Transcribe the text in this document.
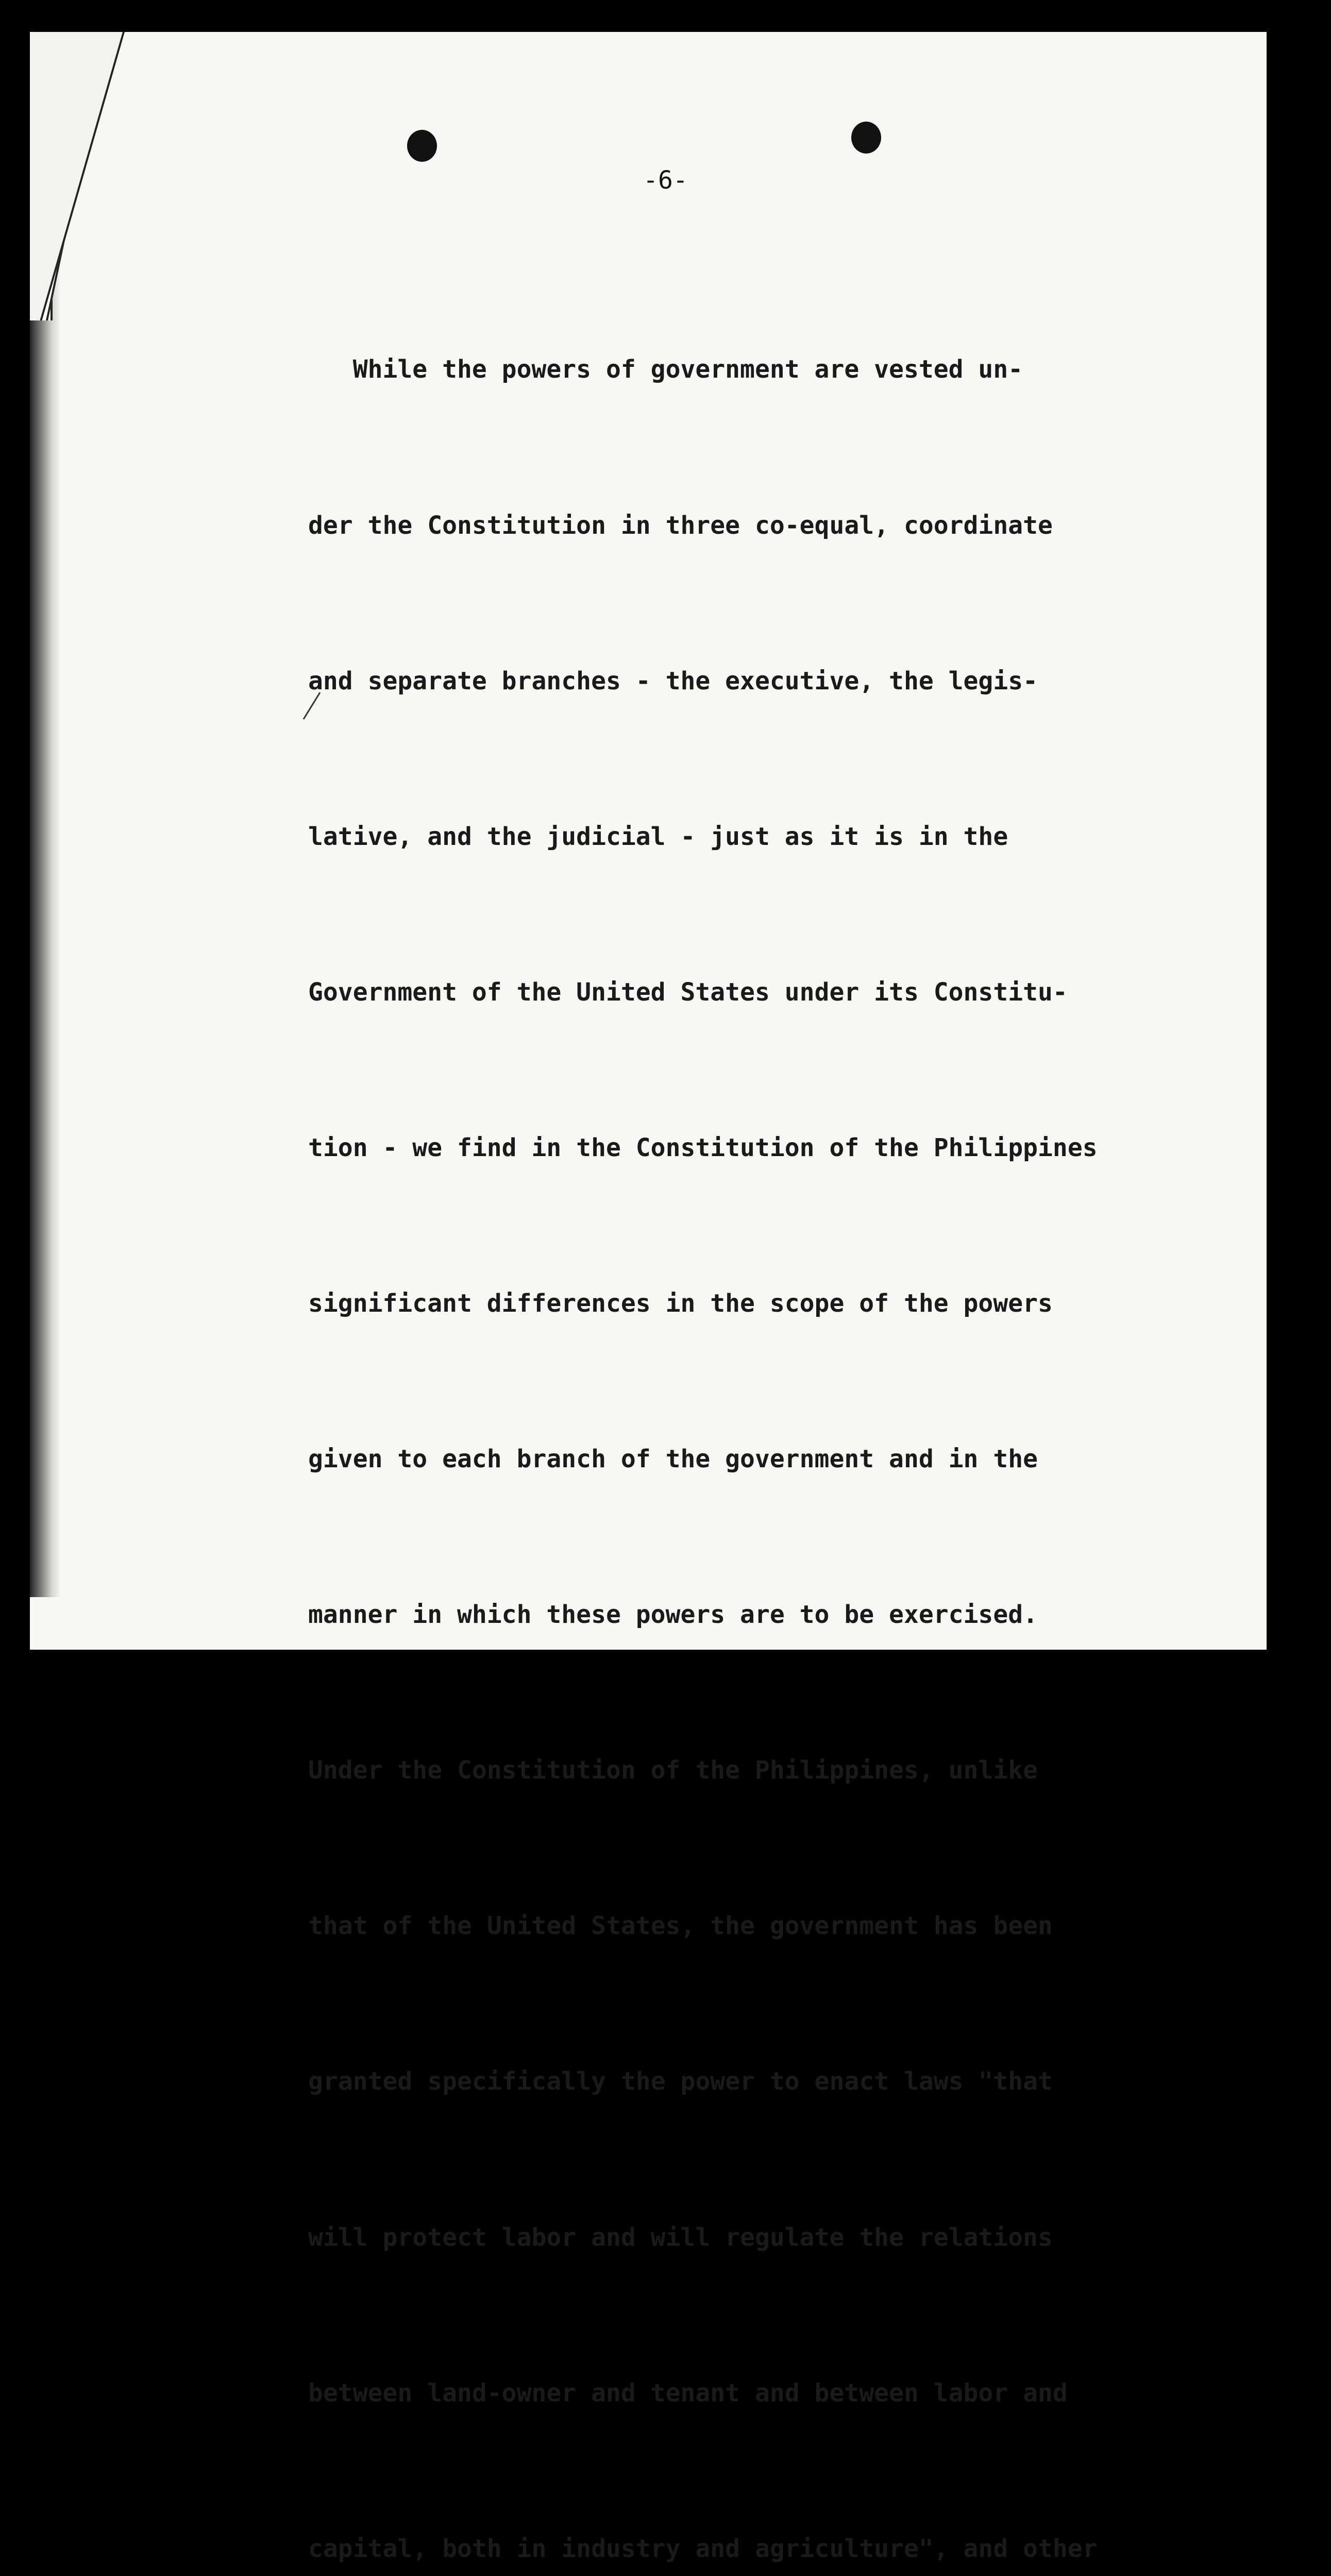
-6-

While the powers of government are vested un-

der the Constitution in three co-equal, coordinate

and separate branches - the executive, the legis-

lative, and the judicial - just as it is in the

Government of the United States under its Constitu-

tion - we find in the Constitution of the Philippines

significant differences in the scope of the powers

given to each branch of the government and in the

manner in which these powers are to be exercised.

Under the Constitution of the Philippines, unlike

that of the United States, the government has been

granted specifically the power to enact laws "that

will protect labor and will regulate the relations

between land-owner and tenant and between labor and

capital, both in industry and agriculture", and other
